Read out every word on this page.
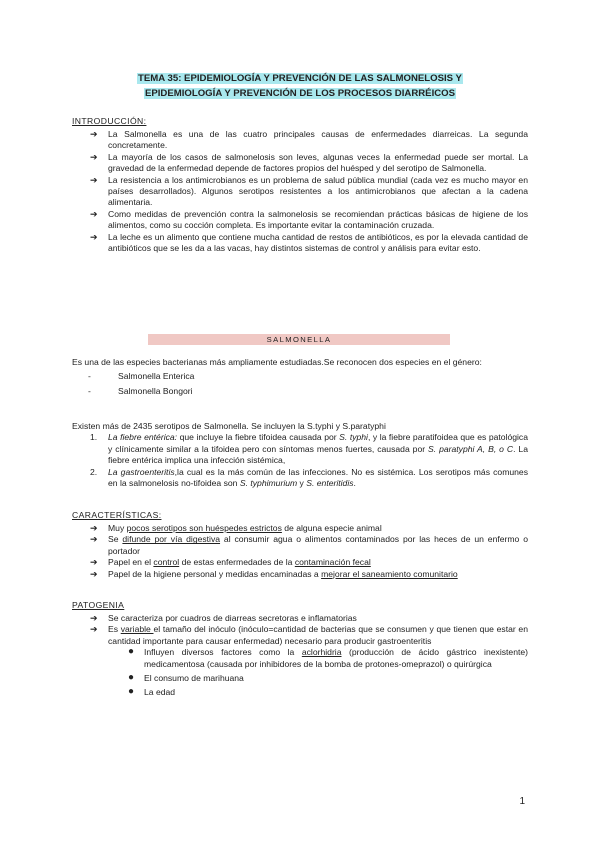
TEMA 35: EPIDEMIOLOGÍA Y PREVENCIÓN DE LAS SALMONELOSIS Y
EPIDEMIOLOGÍA Y PREVENCIÓN DE LOS PROCESOS DIARRÉICOS
INTRODUCCIÓN:
➔ La Salmonella es una de las cuatro principales causas de enfermedades diarreicas. La segunda concretamente.
➔ La mayoría de los casos de salmonelosis son leves, algunas veces la enfermedad puede ser mortal. La gravedad de la enfermedad depende de factores propios del huésped y del serotipo de Salmonella.
➔ La resistencia a los antimicrobianos es un problema de salud pública mundial (cada vez es mucho mayor en países desarrollados). Algunos serotipos resistentes a los antimicrobianos que afectan a la cadena alimentaria.
➔ Como medidas de prevención contra la salmonelosis se recomiendan prácticas básicas de higiene de los alimentos, como su cocción completa. Es importante evitar la contaminación cruzada.
➔ La leche es un alimento que contiene mucha cantidad de restos de antibióticos, es por la elevada cantidad de antibióticos que se les da a las vacas, hay distintos sistemas de control y análisis para evitar esto.
SALMONELLA
Es una de las especies bacterianas más ampliamente estudiadas.Se reconocen dos especies en el género:
-	Salmonella Enterica
-	Salmonella Bongori
Existen más de 2435 serotipos de Salmonella. Se incluyen la S.typhi y S.paratyphi
1. La fiebre entérica: que incluye la fiebre tifoidea causada por S. typhi, y la fiebre paratifoidea que es patológica y clínicamente similar a la tifoidea pero con síntomas menos fuertes, causada por S. paratyphi A, B, o C. La fiebre entérica implica una infección sistémica,
2. La gastroenteritis,la cual es la más común de las infecciones. No es sistémica. Los serotipos más comunes en la salmonelosis no-tifoidea son S. typhimurium y S. enteritidis.
CARACTERÍSTICAS:
➔ Muy pocos serotipos son huéspedes estrictos de alguna especie animal
➔ Se difunde por vía digestiva al consumir agua o alimentos contaminados por las heces de un enfermo o portador
➔ Papel en el control de estas enfermedades de la contaminación fecal
➔ Papel de la higiene personal y medidas encaminadas a mejorar el saneamiento comunitario
PATOGENIA
➔ Se caracteriza por cuadros de diarreas secretoras e inflamatorias
➔ Es variable el tamaño del inóculo (inóculo=cantidad de bacterias que se consumen y que tienen que estar en cantidad importante para causar enfermedad) necesario para producir gastroenteritis
● Influyen diversos factores como la aclorhidria (producción de ácido gástrico inexistente) medicamentosa (causada por inhibidores de la bomba de protones-omeprazol) o quirúrgica
● El consumo de marihuana
● La edad
1
